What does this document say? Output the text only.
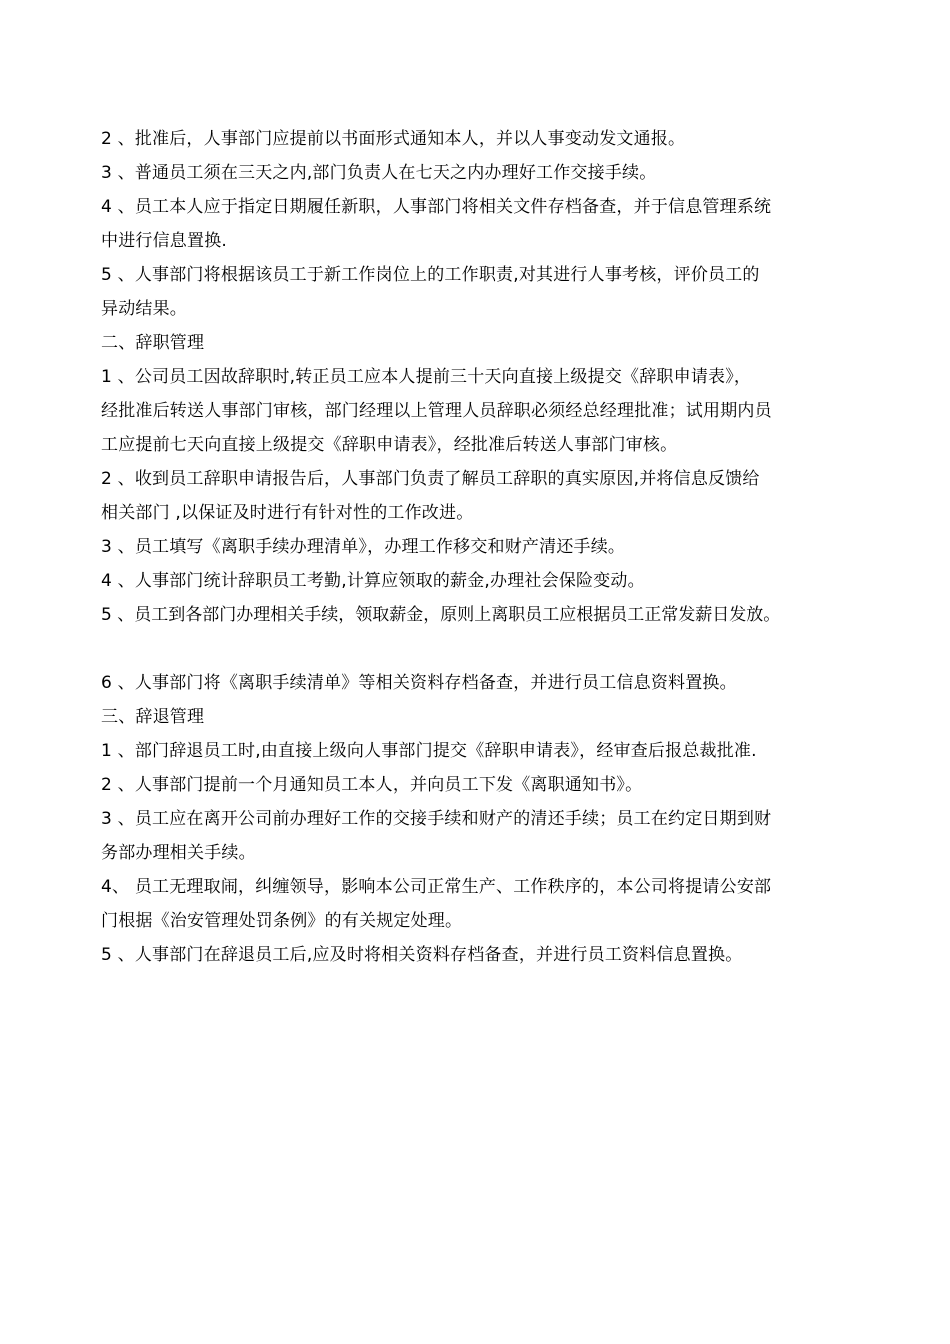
2 、批准后，人事部门应提前以书面形式通知本人，并以人事变动发文通报。
3 、普通员工须在三天之内,部门负责人在七天之内办理好工作交接手续。
4 、员工本人应于指定日期履任新职，人事部门将相关文件存档备查，并于信息管理系统
中进行信息置换.
5 、人事部门将根据该员工于新工作岗位上的工作职责,对其进行人事考核，评价员工的
异动结果。
二、辞职管理
1 、公司员工因故辞职时,转正员工应本人提前三十天向直接上级提交《辞职申请表》，
经批准后转送人事部门审核，部门经理以上管理人员辞职必须经总经理批准；试用期内员
工应提前七天向直接上级提交《辞职申请表》，经批准后转送人事部门审核。
2 、收到员工辞职申请报告后，人事部门负责了解员工辞职的真实原因,并将信息反馈给
相关部门 ,以保证及时进行有针对性的工作改进。
3 、员工填写《离职手续办理清单》，办理工作移交和财产清还手续。
4 、人事部门统计辞职员工考勤,计算应领取的薪金,办理社会保险变动。
5 、员工到各部门办理相关手续，领取薪金，原则上离职员工应根据员工正常发薪日发放。
6 、人事部门将《离职手续清单》等相关资料存档备查，并进行员工信息资料置换。
三、辞退管理
1 、部门辞退员工时,由直接上级向人事部门提交《辞职申请表》，经审查后报总裁批准.
2 、人事部门提前一个月通知员工本人，并向员工下发《离职通知书》。
3 、员工应在离开公司前办理好工作的交接手续和财产的清还手续；员工在约定日期到财
务部办理相关手续。
4、 员工无理取闹，纠缠领导，影响本公司正常生产、工作秩序的，本公司将提请公安部
门根据《治安管理处罚条例》的有关规定处理。
5 、人事部门在辞退员工后,应及时将相关资料存档备查，并进行员工资料信息置换。
